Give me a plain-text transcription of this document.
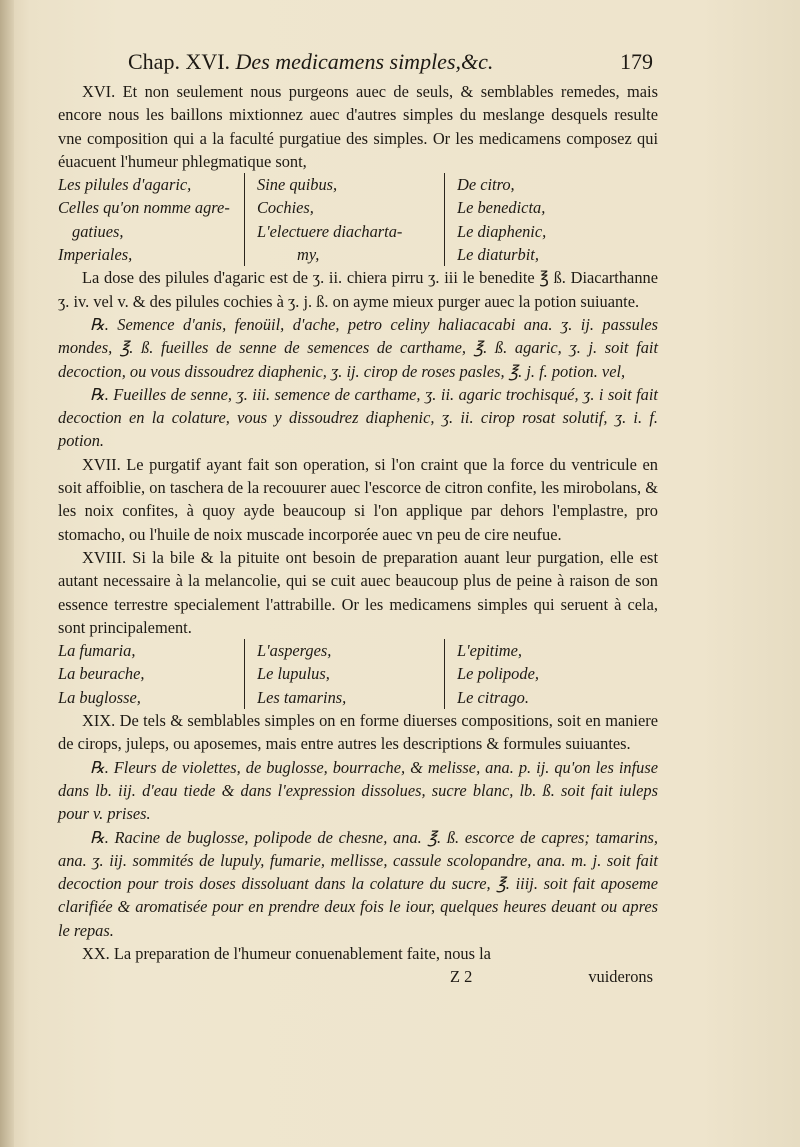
Chap. XVI. Des medicamens simples,&c.	179

XVI. Et non seulement nous purgeons auec de seuls, & semblables remedes, mais encore nous les baillons mixtionnez auec d'autres simples du meslange desquels resulte vne composition qui a la faculté purgatiue des simples. Or les medicamens composez qui éuacuent l'humeur phlegmatique sont,

Les pilules d'agaric,
Celles qu'on nomme agre-
gatiues,
Imperiales,
Sine quibus,
Cochies,
L'electuere diacharta-
my,
De citro,
Le benedicta,
Le diaphenic,
Le diaturbit,

La dose des pilules d'agaric est de ʒ. ii. chiera pirru ʒ. iii le benedite ℥ ß. Diacarthanne ʒ. iv. vel v. & des pilules cochies à ʒ. j. ß. on ayme mieux purger auec la potion suiuante.

℞. Semence d'anis, fenoüil, d'ache, petro celiny haliacacabi ana. ʒ. ij. passules mondes, ℥. ß. fueilles de senne de semences de carthame, ℥. ß. agaric, ʒ. j. soit fait decoction, ou vous dissoudrez diaphenic, ʒ. ij. cirop de roses pasles, ℥. j. f. potion. vel,

℞. Fueilles de senne, ʒ. iii. semence de carthame, ʒ. ii. agaric trochisqué, ʒ. i soit fait decoction en la colature, vous y dissoudrez diaphenic, ʒ. ii. cirop rosat solutif, ʒ. i. f. potion.

XVII. Le purgatif ayant fait son operation, si l'on craint que la force du ventricule en soit affoiblie, on taschera de la recouurer auec l'escorce de citron confite, les mirobolans, & les noix confites, à quoy ayde beaucoup si l'on applique par dehors l'emplastre, pro stomacho, ou l'huile de noix muscade incorporée auec vn peu de cire neufue.

XVIII. Si la bile & la pituite ont besoin de preparation auant leur purgation, elle est autant necessaire à la melancolie, qui se cuit auec beaucoup plus de peine à raison de son essence terrestre specialement l'attrabille. Or les medicamens simples qui seruent à cela, sont principalement.

La fumaria,
La beurache,
La buglosse,
L'asperges,
Le lupulus,
Les tamarins,
L'epitime,
Le polipode,
Le citrago.

XIX. De tels & semblables simples on en forme diuerses compositions, soit en maniere de cirops, juleps, ou aposemes, mais entre autres les descriptions & formules suiuantes.

℞. Fleurs de violettes, de buglosse, bourrache, & melisse, ana. p. ij. qu'on les infuse dans lb. iij. d'eau tiede & dans l'expression dissolues, sucre blanc, lb. ß. soit fait iuleps pour v. prises.

℞. Racine de buglosse, polipode de chesne, ana. ℥. ß. escorce de capres; tamarins, ana. ʒ. iij. sommités de lupuly, fumarie, mellisse, cassule scolopandre, ana. m. j. soit fait decoction pour trois doses dissoluant dans la colature du sucre, ℥. iiij. soit fait aposeme clarifiée & aromatisée pour en prendre deux fois le iour, quelques heures deuant ou apres le repas.

XX. La preparation de l'humeur conuenablement faite, nous la

Z 2	vuiderons
